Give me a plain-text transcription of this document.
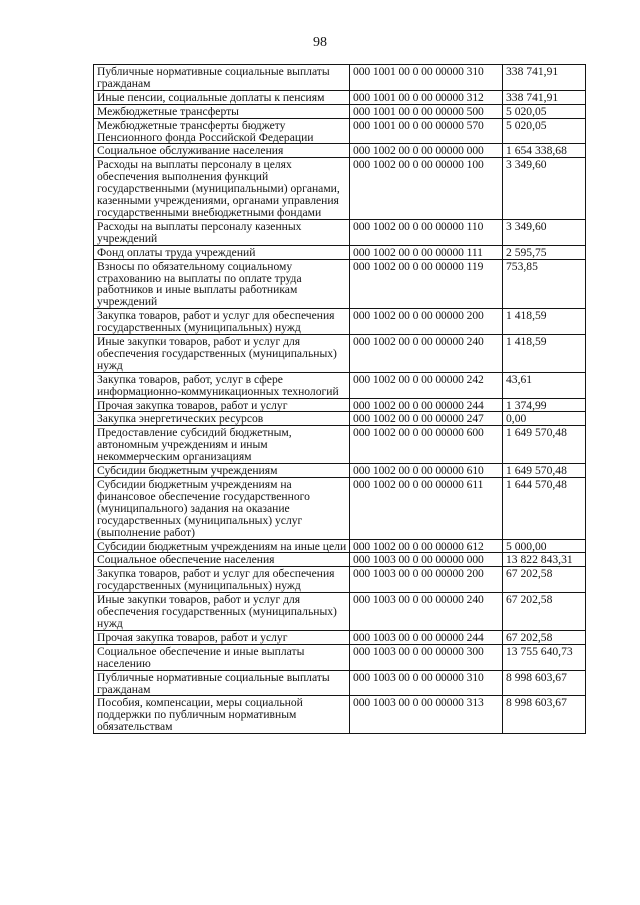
98
Публичные нормативные социальные выплаты гражданам	000 1001 00 0 00 00000 310	338 741,91
Иные пенсии, социальные доплаты к пенсиям	000 1001 00 0 00 00000 312	338 741,91
Межбюджетные трансферты	000 1001 00 0 00 00000 500	5 020,05
Межбюджетные трансферты бюджету Пенсионного фонда Российской Федерации	000 1001 00 0 00 00000 570	5 020,05
Социальное обслуживание населения	000 1002 00 0 00 00000 000	1 654 338,68
Расходы на выплаты персоналу в целях обеспечения выполнения функций государственными (муниципальными) органами, казенными учреждениями, органами управления государственными внебюджетными фондами	000 1002 00 0 00 00000 100	3 349,60
Расходы на выплаты персоналу казенных учреждений	000 1002 00 0 00 00000 110	3 349,60
Фонд оплаты труда учреждений	000 1002 00 0 00 00000 111	2 595,75
Взносы по обязательному социальному страхованию на выплаты по оплате труда работников и иные выплаты работникам учреждений	000 1002 00 0 00 00000 119	753,85
Закупка товаров, работ и услуг для обеспечения государственных (муниципальных) нужд	000 1002 00 0 00 00000 200	1 418,59
Иные закупки товаров, работ и услуг для обеспечения государственных (муниципальных) нужд	000 1002 00 0 00 00000 240	1 418,59
Закупка товаров, работ, услуг в сфере информационно-коммуникационных технологий	000 1002 00 0 00 00000 242	43,61
Прочая закупка товаров, работ и услуг	000 1002 00 0 00 00000 244	1 374,99
Закупка энергетических ресурсов	000 1002 00 0 00 00000 247	0,00
Предоставление субсидий бюджетным, автономным учреждениям и иным некоммерческим организациям	000 1002 00 0 00 00000 600	1 649 570,48
Субсидии бюджетным учреждениям	000 1002 00 0 00 00000 610	1 649 570,48
Субсидии бюджетным учреждениям на финансовое обеспечение государственного (муниципального) задания на оказание государственных (муниципальных) услуг (выполнение работ)	000 1002 00 0 00 00000 611	1 644 570,48
Субсидии бюджетным учреждениям на иные цели	000 1002 00 0 00 00000 612	5 000,00
Социальное обеспечение населения	000 1003 00 0 00 00000 000	13 822 843,31
Закупка товаров, работ и услуг для обеспечения государственных (муниципальных) нужд	000 1003 00 0 00 00000 200	67 202,58
Иные закупки товаров, работ и услуг для обеспечения государственных (муниципальных) нужд	000 1003 00 0 00 00000 240	67 202,58
Прочая закупка товаров, работ и услуг	000 1003 00 0 00 00000 244	67 202,58
Социальное обеспечение и иные выплаты населению	000 1003 00 0 00 00000 300	13 755 640,73
Публичные нормативные социальные выплаты гражданам	000 1003 00 0 00 00000 310	8 998 603,67
Пособия, компенсации, меры социальной поддержки по публичным нормативным обязательствам	000 1003 00 0 00 00000 313	8 998 603,67
